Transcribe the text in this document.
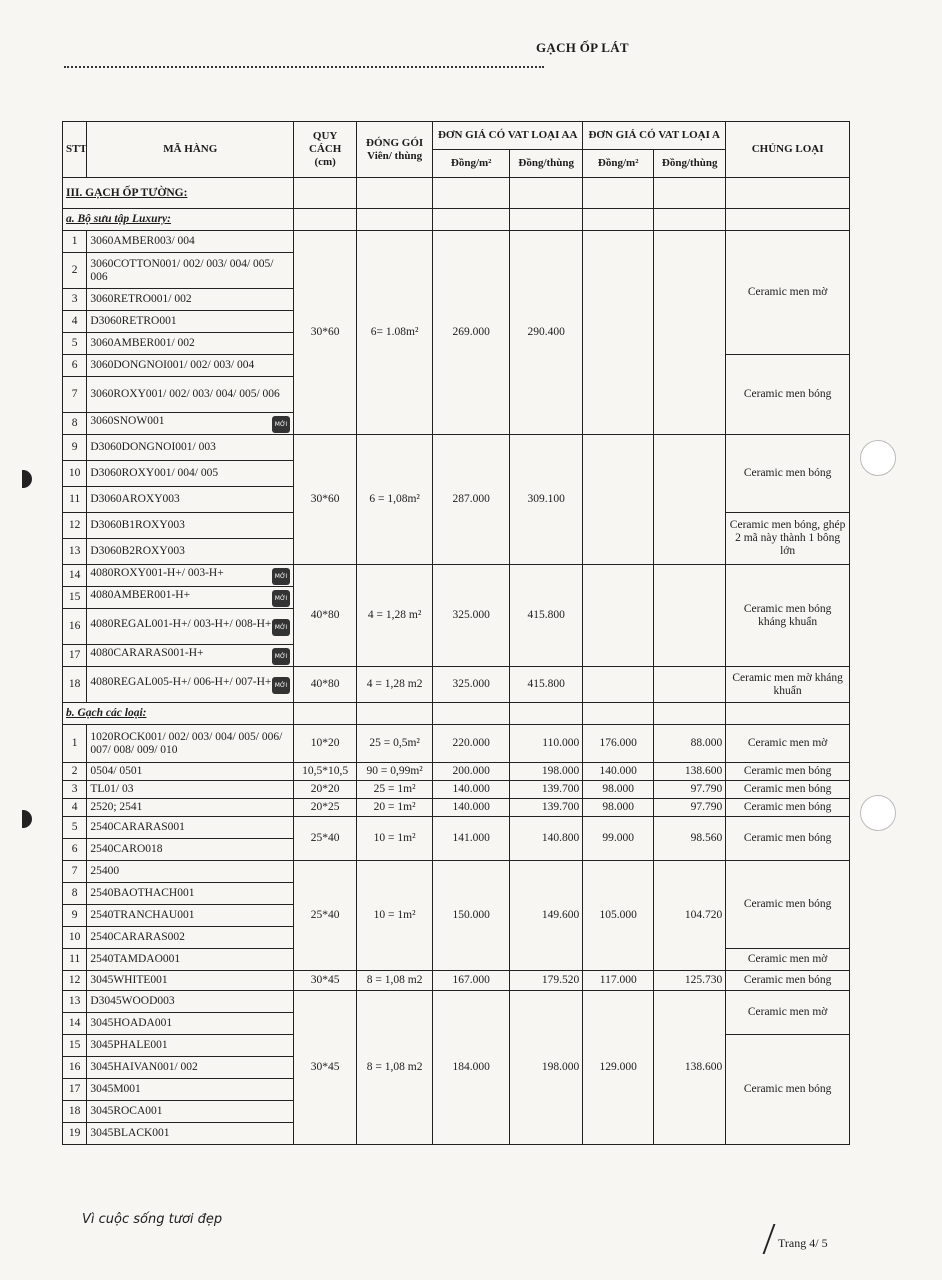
GẠCH ỐP LÁT
STT	MÃ HÀNG	QUY CÁCH (cm)	ĐÓNG GÓI Viên/ thùng	ĐƠN GIÁ CÓ VAT LOẠI AA		ĐƠN GIÁ CÓ VAT LOẠI A		CHỦNG LOẠI
				Đồng/m²	Đồng/thùng	Đồng/m²	Đồng/thùng	
III. GẠCH ỐP TƯỜNG:								
a. Bộ sưu tập Luxury:								
1	3060AMBER003/ 004	30*60	6= 1.08m²	269.000	290.400			Ceramic men mờ
2	3060COTTON001/ 002/ 003/ 004/ 005/ 006							
3	3060RETRO001/ 002							
4	D3060RETRO001							
5	3060AMBER001/ 002							
6	3060DONGNOI001/ 002/ 003/ 004							Ceramic men bóng
7	3060ROXY001/ 002/ 003/ 004/ 005/ 006							
8	3060SNOW001 MỚI							

9	D3060DONGNOI001/ 003	30*60	6 = 1,08m²	287.000	309.100			Ceramic men bóng
10	D3060ROXY001/ 004/ 005							
11	D3060AROXY003							
12	D3060B1ROXY003							Ceramic men bóng, ghép 2 mã này thành 1 bông lớn
13	D3060B2ROXY003							
14	4080ROXY001-H+/ 003-H+ MỚI	40*80	4 = 1,28 m²	325.000	415.800			Ceramic men bóng kháng khuẩn
15	4080AMBER001-H+ MỚI							

16	4080REGAL001-H+/ 003-H+/ 008-H+ MỚI							

17	4080CARARAS001-H+ MỚI							

18	4080REGAL005-H+/ 006-H+/ 007-H+ MỚI	40*80	4 = 1,28 m2	325.000	415.800			Ceramic men mờ kháng khuẩn
b. Gạch các loại:								
1	1020ROCK001/ 002/ 003/ 004/ 005/ 006/ 007/ 008/ 009/ 010	10*20	25 = 0,5m²	220.000	110.000	176.000	88.000	Ceramic men mờ
2	0504/ 0501	10,5*10,5	90 = 0,99m²	200.000	198.000	140.000	138.600	Ceramic men bóng
3	TL01/ 03	20*20	25 = 1m²	140.000	139.700	98.000	97.790	Ceramic men bóng
4	2520; 2541	20*25	20 = 1m²	140.000	139.700	98.000	97.790	Ceramic men bóng
5	2540CARARAS001	25*40	10 = 1m²	141.000	140.800	99.000	98.560	Ceramic men bóng
6	2540CARO018							
7	25400	25*40	10 = 1m²	150.000	149.600	105.000	104.720	Ceramic men bóng
8	2540BAOTHACH001							
9	2540TRANCHAU001							
10	2540CARARAS002							
11	2540TAMDAO001							Ceramic men mờ
12	3045WHITE001	30*45	8 = 1,08 m2	167.000	179.520	117.000	125.730	Ceramic men bóng
13	D3045WOOD003	30*45	8 = 1,08 m2	184.000	198.000	129.000	138.600	Ceramic men mờ
14	3045HOADA001							
15	3045PHALE001							Ceramic men bóng
16	3045HAIVAN001/ 002							
17	3045M001							
18	3045ROCA001							
19	3045BLACK001							
Vì cuộc sống tươi đẹp
Trang 4/ 5
